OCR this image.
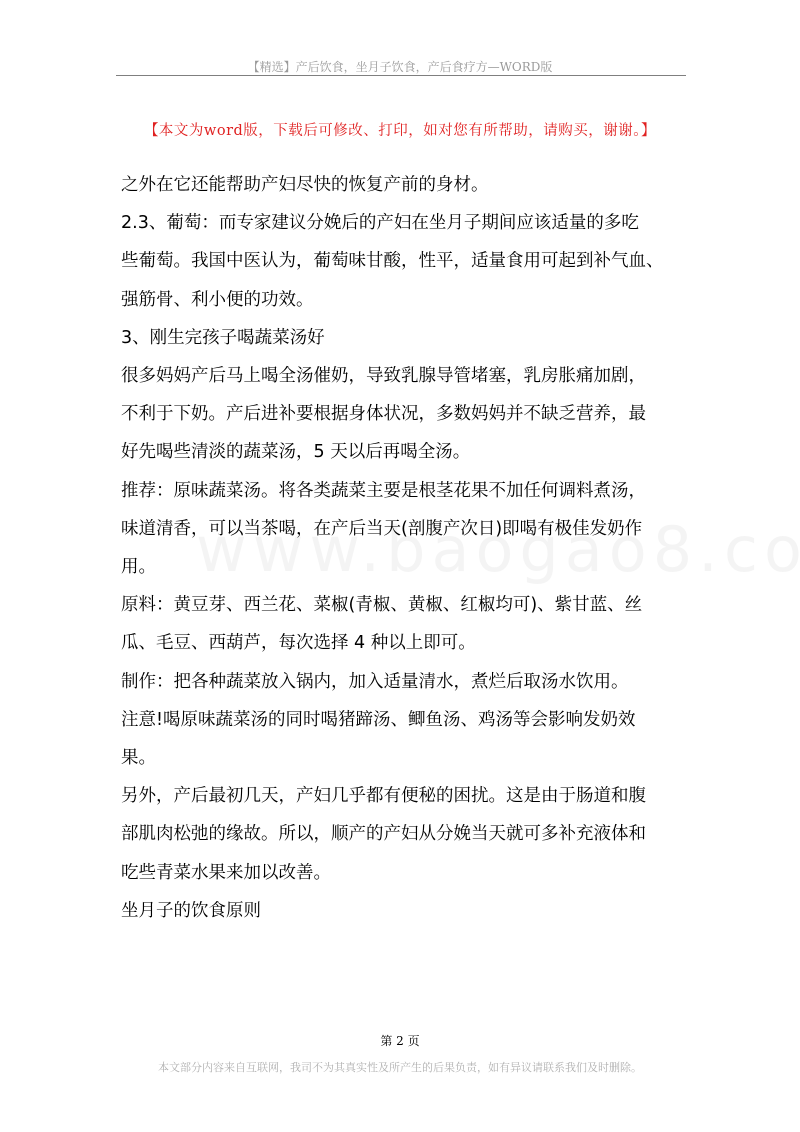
【精选】产后饮食，坐月子饮食，产后食疗方—WORD版
【本文为word版，下载后可修改、打印，如对您有所帮助，请购买，谢谢。】

之外在它还能帮助产妇尽快的恢复产前的身材。

2.3、葡萄：而专家建议分娩后的产妇在坐月子期间应该适量的多吃

些葡萄。我国中医认为，葡萄味甘酸，性平，适量食用可起到补气血、

强筋骨、利小便的功效。

3、刚生完孩子喝蔬菜汤好

很多妈妈产后马上喝全汤催奶，导致乳腺导管堵塞，乳房胀痛加剧，

不利于下奶。产后进补要根据身体状况，多数妈妈并不缺乏营养，最

好先喝些清淡的蔬菜汤，5 天以后再喝全汤。

推荐：原味蔬菜汤。将各类蔬菜主要是根茎花果不加任何调料煮汤，

味道清香，可以当茶喝，在产后当天(剖腹产次日)即喝有极佳发奶作

用。

原料：黄豆芽、西兰花、菜椒(青椒、黄椒、红椒均可)、紫甘蓝、丝

瓜、毛豆、西葫芦，每次选择 4 种以上即可。

制作：把各种蔬菜放入锅内，加入适量清水，煮烂后取汤水饮用。

注意!喝原味蔬菜汤的同时喝猪蹄汤、鲫鱼汤、鸡汤等会影响发奶效

果。

另外，产后最初几天，产妇几乎都有便秘的困扰。这是由于肠道和腹

部肌肉松弛的缘故。所以，顺产的产妇从分娩当天就可多补充液体和

吃些青菜水果来加以改善。

坐月子的饮食原则

第 2 页
本文部分内容来自互联网，我司不为其真实性及所产生的后果负责，如有异议请联系我们及时删除。
